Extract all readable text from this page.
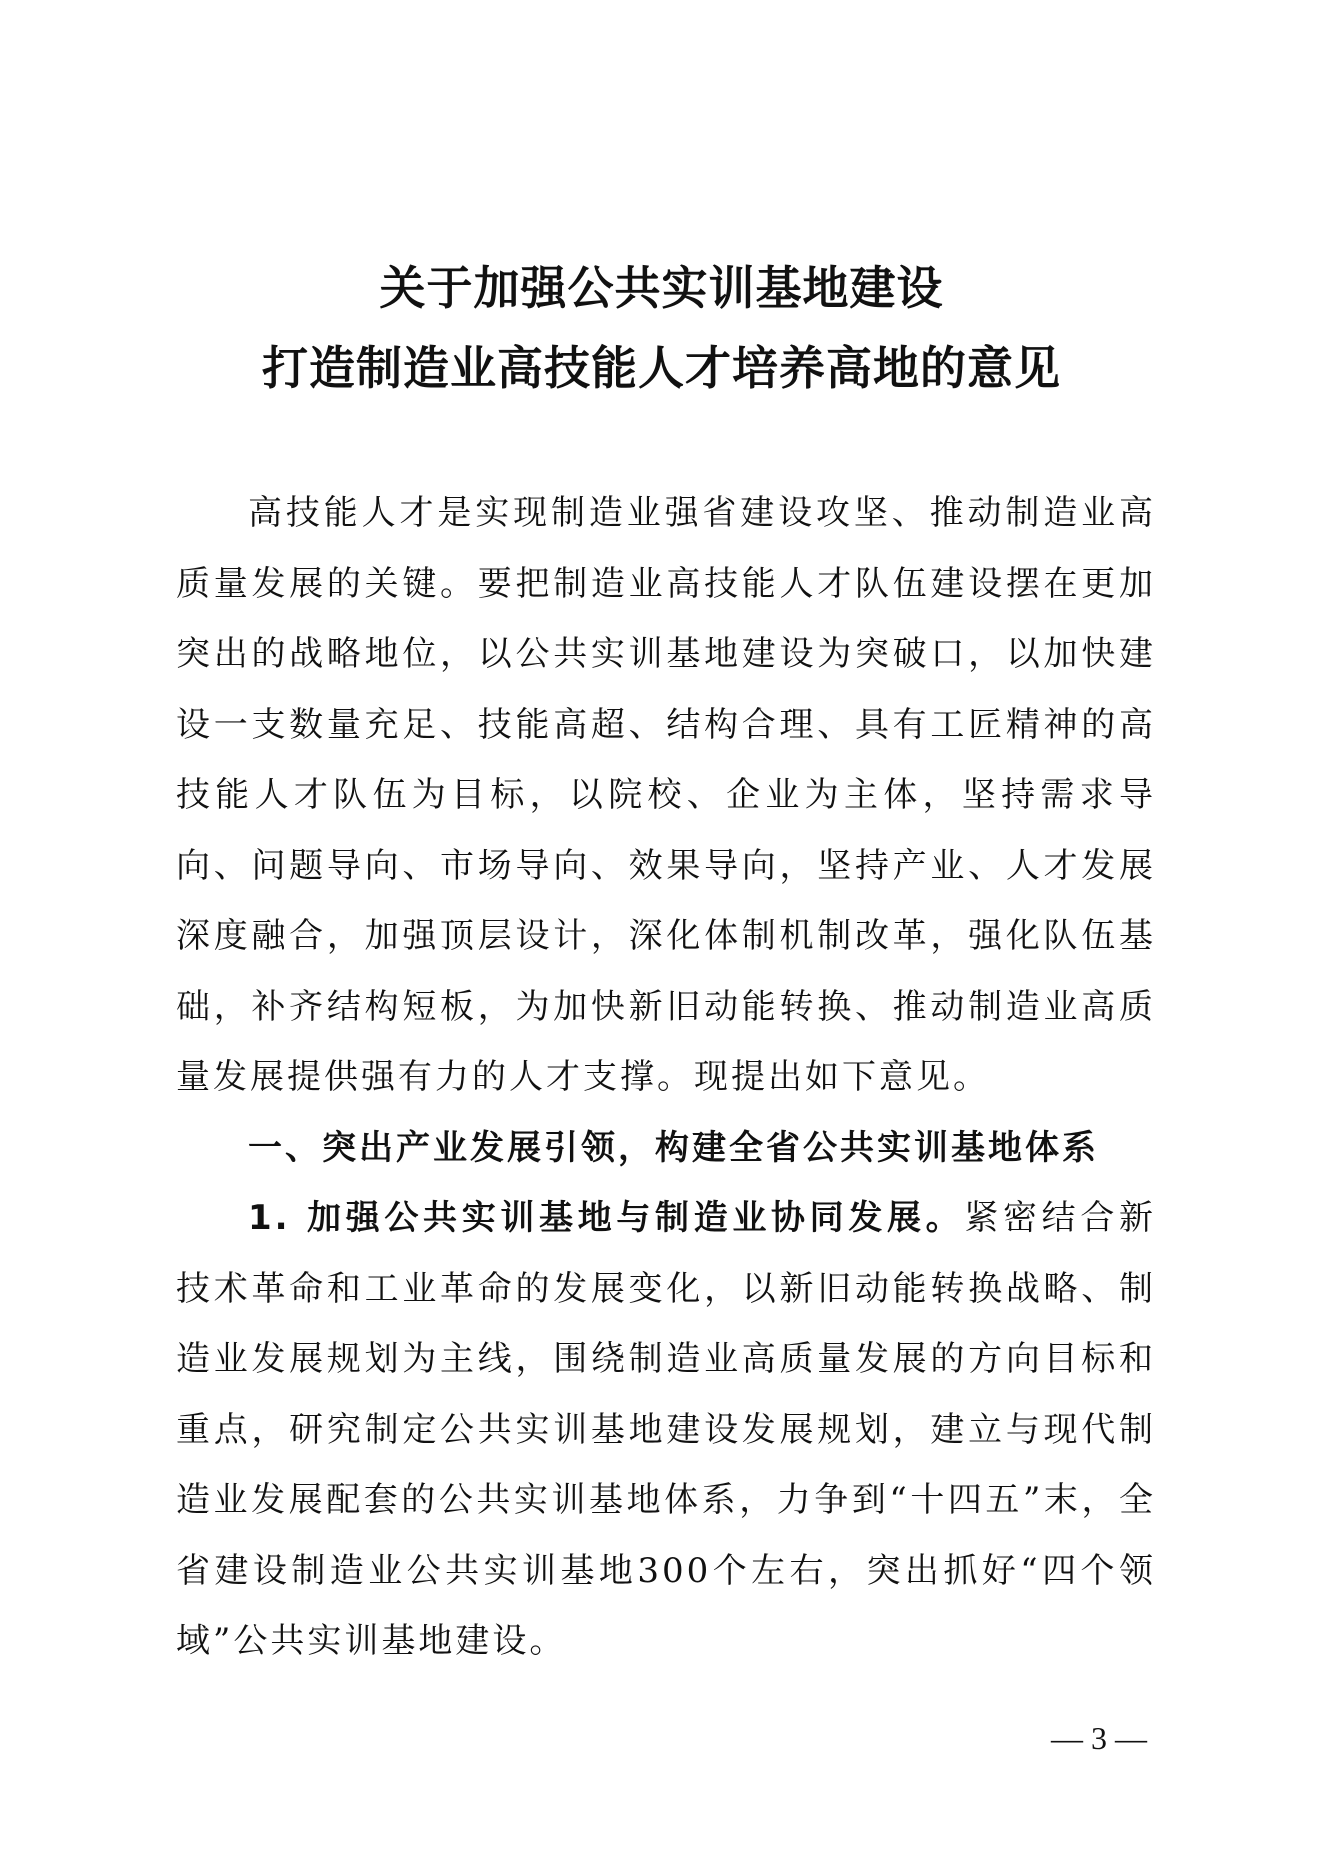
关于加强公共实训基地建设
打造制造业高技能人才培养高地的意见

高技能人才是实现制造业强省建设攻坚、推动制造业高质量发展的关键。要把制造业高技能人才队伍建设摆在更加突出的战略地位，以公共实训基地建设为突破口，以加快建设一支数量充足、技能高超、结构合理、具有工匠精神的高技能人才队伍为目标，以院校、企业为主体，坚持需求导向、问题导向、市场导向、效果导向，坚持产业、人才发展深度融合，加强顶层设计，深化体制机制改革，强化队伍基础，补齐结构短板，为加快新旧动能转换、推动制造业高质量发展提供强有力的人才支撑。现提出如下意见。

一、突出产业发展引领，构建全省公共实训基地体系

1. 加强公共实训基地与制造业协同发展。紧密结合新技术革命和工业革命的发展变化，以新旧动能转换战略、制造业发展规划为主线，围绕制造业高质量发展的方向目标和重点，研究制定公共实训基地建设发展规划，建立与现代制造业发展配套的公共实训基地体系，力争到“十四五”末，全省建设制造业公共实训基地300个左右，突出抓好“四个领域”公共实训基地建设。

— 3 —
